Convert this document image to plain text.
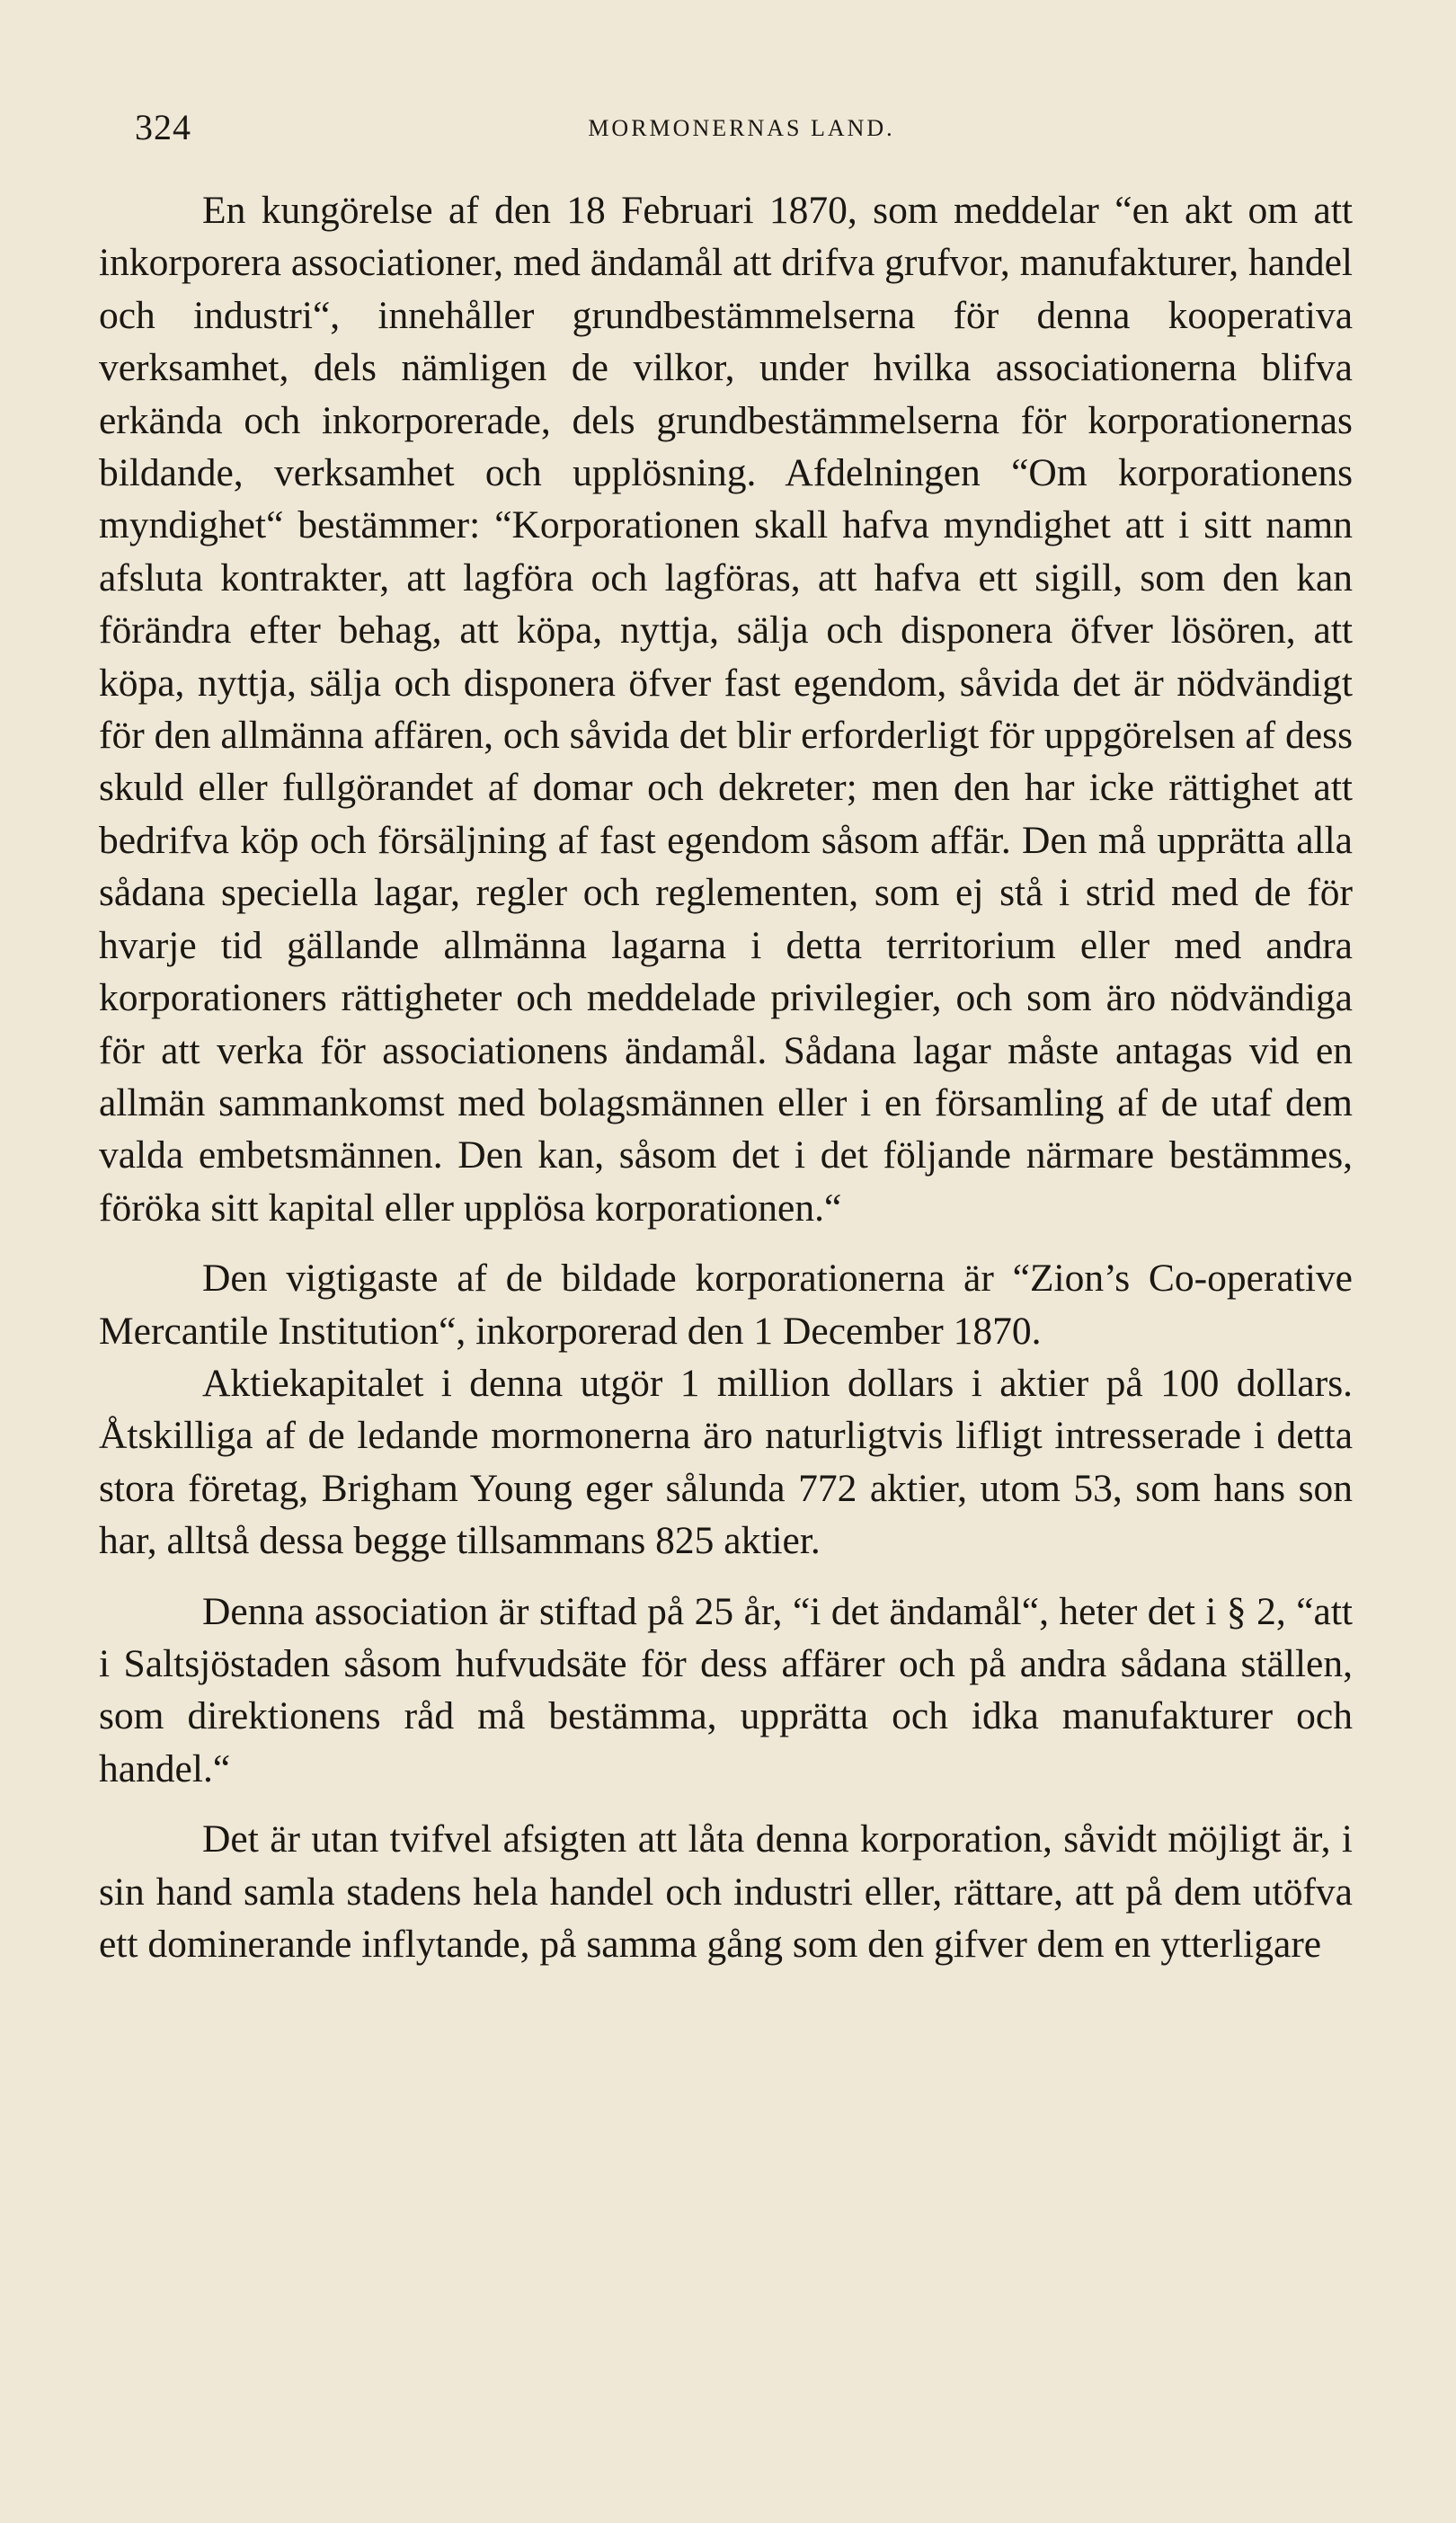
324	MORMONERNAS LAND.

En kungörelse af den 18 Februari 1870, som meddelar “en akt om att inkorporera associationer, med ändamål att drifva grufvor, manufakturer, handel och industri“, innehåller grundbestämmelserna för denna kooperativa verksamhet, dels nämligen de vilkor, under hvilka associationerna blifva erkända och inkorporerade, dels grundbestämmelserna för korporationernas bildande, verksamhet och upplösning. Afdelningen “Om korporationens myndighet“ bestämmer: “Korporationen skall hafva myndighet att i sitt namn afsluta kontrakter, att lagföra och lagföras, att hafva ett sigill, som den kan förändra efter behag, att köpa, nyttja, sälja och disponera öfver lösören, att köpa, nyttja, sälja och disponera öfver fast egendom, såvida det är nödvändigt för den allmänna affären, och såvida det blir erforderligt för uppgörelsen af dess skuld eller fullgörandet af domar och dekreter; men den har icke rättighet att bedrifva köp och försäljning af fast egendom såsom affär. Den må upprätta alla sådana speciella lagar, regler och reglementen, som ej stå i strid med de för hvarje tid gällande allmänna lagarna i detta territorium eller med andra korporationers rättigheter och meddelade privilegier, och som äro nödvändiga för att verka för associationens ändamål. Sådana lagar måste antagas vid en allmän sammankomst med bolagsmännen eller i en församling af de utaf dem valda embetsmännen. Den kan, såsom det i det följande närmare bestämmes, föröka sitt kapital eller upplösa korporationen.“

Den vigtigaste af de bildade korporationerna är “Zion’s Co-operative Mercantile Institution“, inkorporerad den 1 December 1870.

Aktiekapitalet i denna utgör 1 million dollars i aktier på 100 dollars. Åtskilliga af de ledande mormonerna äro naturligtvis lifligt intresserade i detta stora företag, Brigham Young eger sålunda 772 aktier, utom 53, som hans son har, alltså dessa begge tillsammans 825 aktier.

Denna association är stiftad på 25 år, “i det ändamål“, heter det i § 2, “att i Saltsjöstaden såsom hufvudsäte för dess affärer och på andra sådana ställen, som direktionens råd må bestämma, upprätta och idka manufakturer och handel.“

Det är utan tvifvel afsigten att låta denna korporation, såvidt möjligt är, i sin hand samla stadens hela handel och industri eller, rättare, att på dem utöfva ett dominerande inflytande, på samma gång som den gifver dem en ytterligare
